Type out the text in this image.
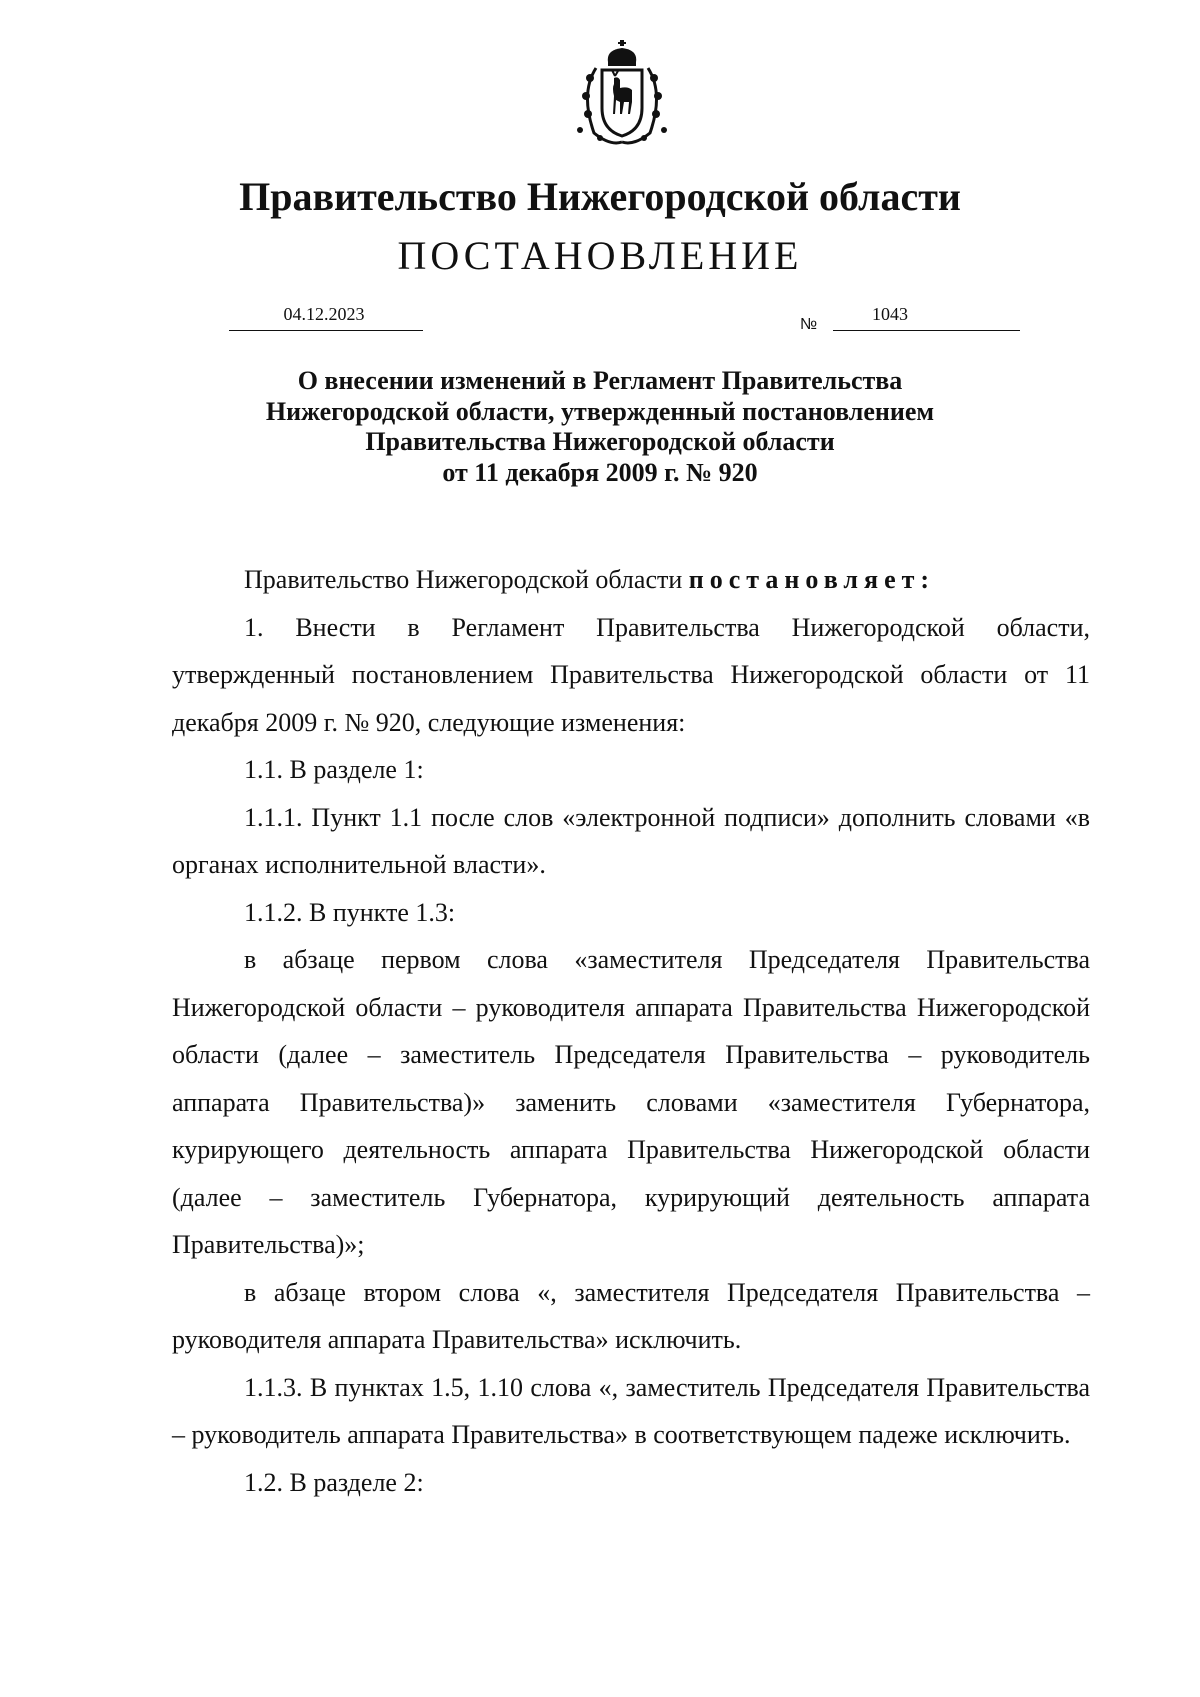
Правительство Нижегородской области
ПОСТАНОВЛЕНИЕ
04.12.2023
№
1043
О внесении изменений в Регламент Правительства
Нижегородской области, утвержденный постановлением
Правительства Нижегородской области
от 11 декабря 2009 г. № 920

Правительство Нижегородской области постановляет:

1. Внести в Регламент Правительства Нижегородской области, утвержденный постановлением Правительства Нижегородской области от 11 декабря 2009 г. № 920, следующие изменения:

1.1. В разделе 1:

1.1.1. Пункт 1.1 после слов «электронной подписи» дополнить словами «в органах исполнительной власти».

1.1.2. В пункте 1.3:

в абзаце первом слова «заместителя Председателя Правительства Нижегородской области – руководителя аппарата Правительства Нижегородской области (далее – заместитель Председателя Правительства – руководитель аппарата Правительства)» заменить словами «заместителя Губернатора, курирующего деятельность аппарата Правительства Нижегородской области (далее – заместитель Губернатора, курирующий деятельность аппарата Правительства)»;

в абзаце втором слова «, заместителя Председателя Правительства – руководителя аппарата Правительства» исключить.

1.1.3. В пунктах 1.5, 1.10 слова «, заместитель Председателя Правительства – руководитель аппарата Правительства» в соответствующем падеже исключить.

1.2. В разделе 2:
